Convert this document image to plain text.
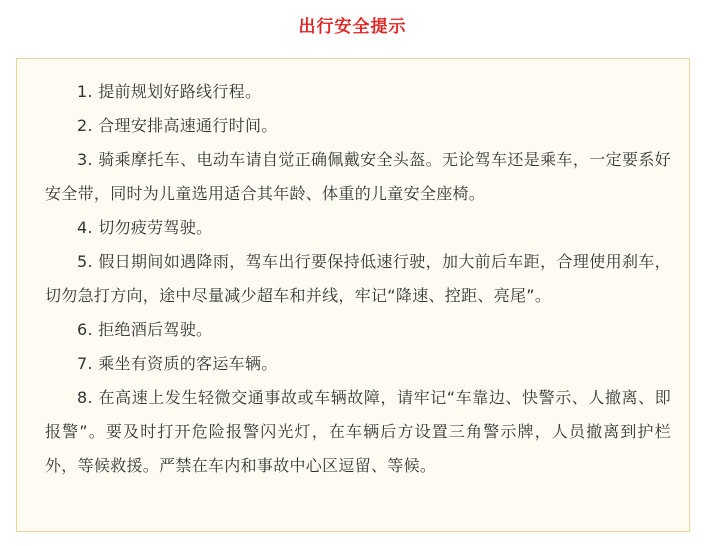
出行安全提示

1. 提前规划好路线行程。

2. 合理安排高速通行时间。

3. 骑乘摩托车、电动车请自觉正确佩戴安全头盔。无论驾车还是乘车，一定要系好安全带，同时为儿童选用适合其年龄、体重的儿童安全座椅。

4. 切勿疲劳驾驶。

5. 假日期间如遇降雨，驾车出行要保持低速行驶，加大前后车距，合理使用刹车，切勿急打方向，途中尽量减少超车和并线，牢记“降速、控距、亮尾”。

6. 拒绝酒后驾驶。

7. 乘坐有资质的客运车辆。

8. 在高速上发生轻微交通事故或车辆故障，请牢记“车靠边、快警示、人撤离、即报警”。要及时打开危险报警闪光灯，在车辆后方设置三角警示牌，人员撤离到护栏外，等候救援。严禁在车内和事故中心区逗留、等候。
